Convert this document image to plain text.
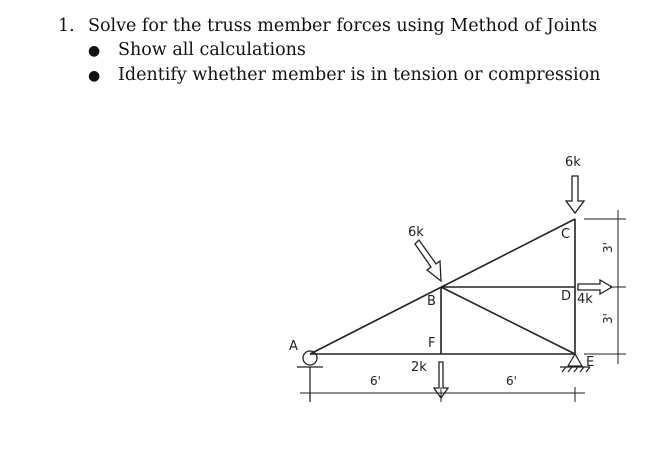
1. Solve for the truss member forces using Method of Joints
●	Show all calculations
●	Identify whether member is in tension or compression
A
B
C
D
E
F
6k
6k
4k
2k
6'	6'
3'
3'
